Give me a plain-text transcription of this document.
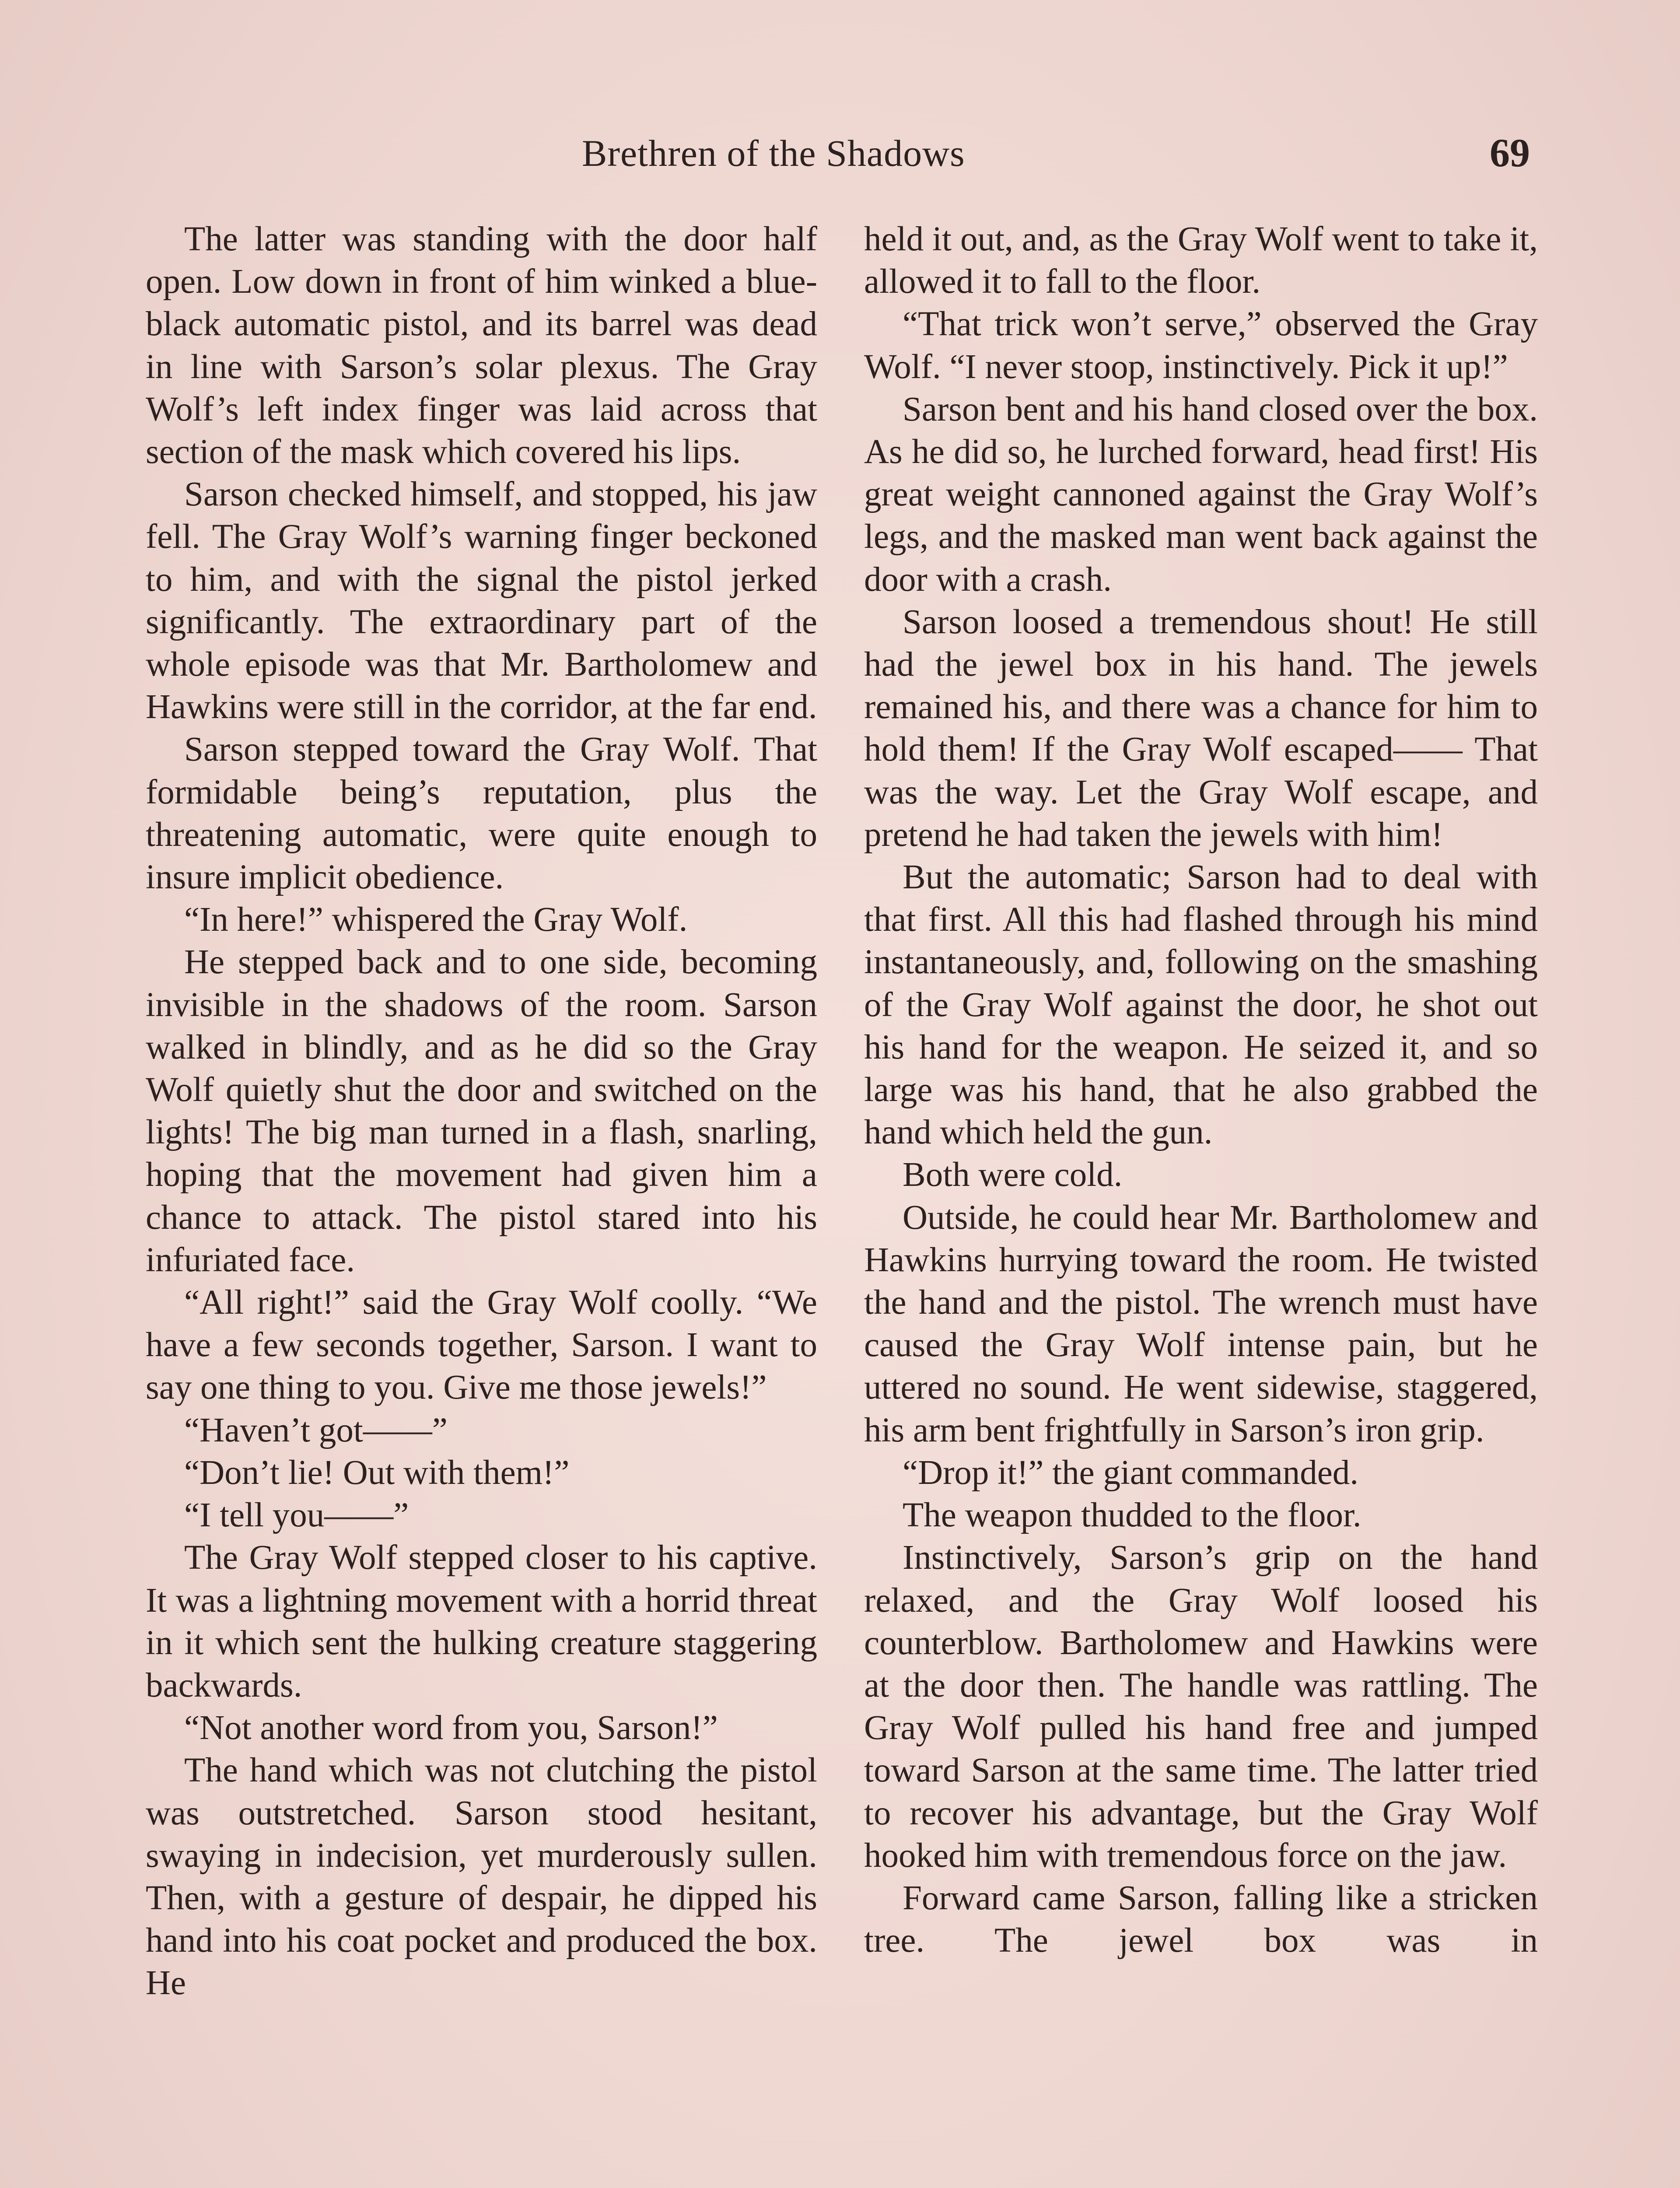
Brethren of the Shadows	69

The latter was standing with the door half open. Low down in front of him winked a blue-black automatic pistol, and its barrel was dead in line with Sarson’s solar plexus. The Gray Wolf’s left index finger was laid across that section of the mask which covered his lips.

Sarson checked himself, and stopped, his jaw fell. The Gray Wolf’s warning finger beckoned to him, and with the signal the pistol jerked significantly. The extraordinary part of the whole episode was that Mr. Bartholomew and Hawkins were still in the corridor, at the far end.

Sarson stepped toward the Gray Wolf. That formidable being’s reputation, plus the threatening automatic, were quite enough to insure implicit obedience.

“In here!” whispered the Gray Wolf.

He stepped back and to one side, becoming invisible in the shadows of the room. Sarson walked in blindly, and as he did so the Gray Wolf quietly shut the door and switched on the lights! The big man turned in a flash, snarling, hoping that the movement had given him a chance to attack. The pistol stared into his infuriated face.

“All right!” said the Gray Wolf coolly. “We have a few seconds together, Sarson. I want to say one thing to you. Give me those jewels!”

“Haven’t got——”

“Don’t lie! Out with them!”

“I tell you——”

The Gray Wolf stepped closer to his captive. It was a lightning movement with a horrid threat in it which sent the hulking creature staggering backwards.

“Not another word from you, Sarson!”

The hand which was not clutching the pistol was outstretched. Sarson stood hesitant, swaying in indecision, yet murderously sullen. Then, with a gesture of despair, he dipped his hand into his coat pocket and produced the box. He

held it out, and, as the Gray Wolf went to take it, allowed it to fall to the floor.

“That trick won’t serve,” observed the Gray Wolf. “I never stoop, instinctively. Pick it up!”

Sarson bent and his hand closed over the box. As he did so, he lurched forward, head first! His great weight cannoned against the Gray Wolf’s legs, and the masked man went back against the door with a crash.

Sarson loosed a tremendous shout! He still had the jewel box in his hand. The jewels remained his, and there was a chance for him to hold them! If the Gray Wolf escaped—— That was the way. Let the Gray Wolf escape, and pretend he had taken the jewels with him!

But the automatic; Sarson had to deal with that first. All this had flashed through his mind instantaneously, and, following on the smashing of the Gray Wolf against the door, he shot out his hand for the weapon. He seized it, and so large was his hand, that he also grabbed the hand which held the gun.

Both were cold.

Outside, he could hear Mr. Bartholomew and Hawkins hurrying toward the room. He twisted the hand and the pistol. The wrench must have caused the Gray Wolf intense pain, but he uttered no sound. He went sidewise, staggered, his arm bent frightfully in Sarson’s iron grip.

“Drop it!” the giant commanded.

The weapon thudded to the floor.

Instinctively, Sarson’s grip on the hand relaxed, and the Gray Wolf loosed his counterblow. Bartholomew and Hawkins were at the door then. The handle was rattling. The Gray Wolf pulled his hand free and jumped toward Sarson at the same time. The latter tried to recover his advantage, but the Gray Wolf hooked him with tremendous force on the jaw.

Forward came Sarson, falling like a stricken tree. The jewel box was in
